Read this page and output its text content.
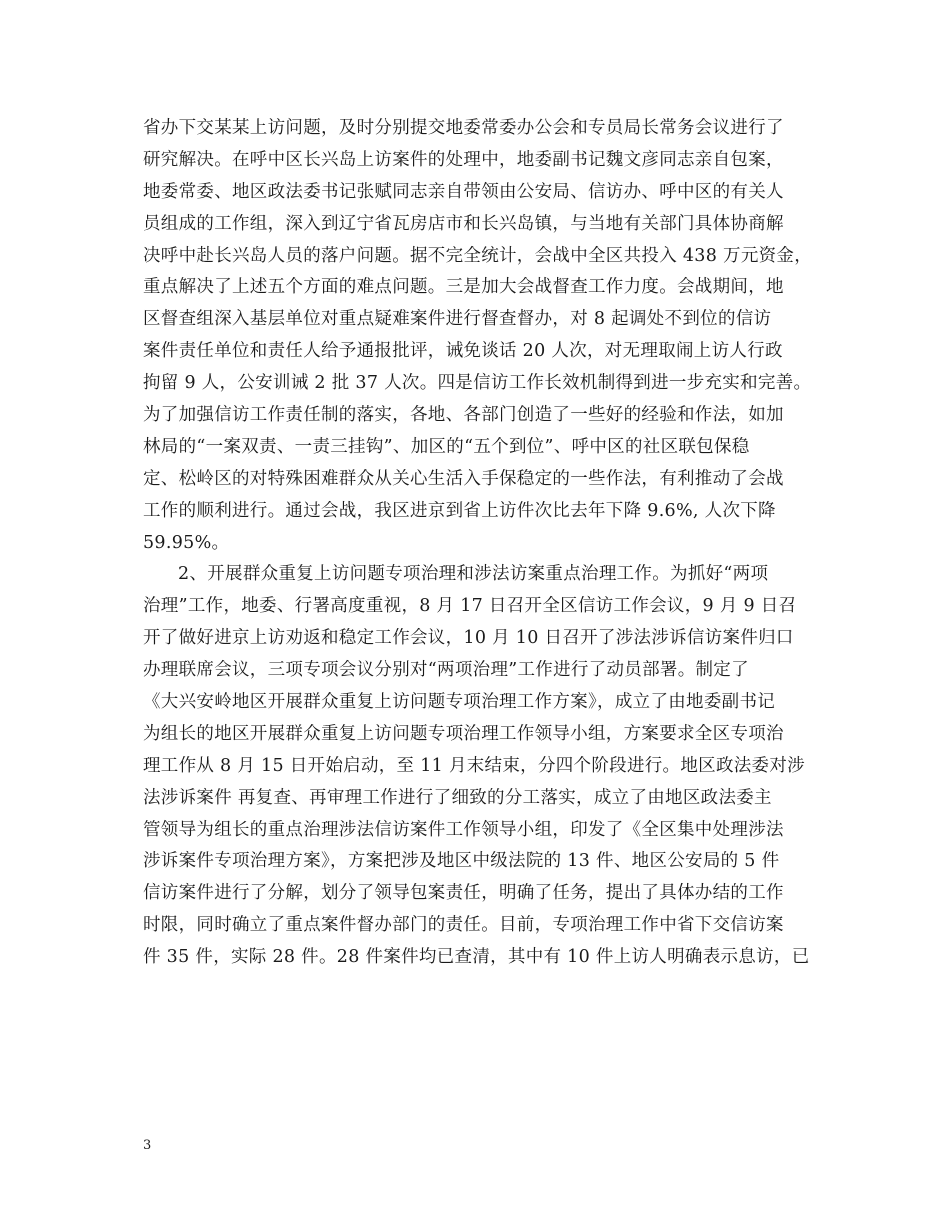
省办下交某某上访问题，及时分别提交地委常委办公会和专员局长常务会议进行了
研究解决。在呼中区长兴岛上访案件的处理中，地委副书记魏文彦同志亲自包案，
地委常委、地区政法委书记张赋同志亲自带领由公安局、信访办、呼中区的有关人
员组成的工作组，深入到辽宁省瓦房店市和长兴岛镇，与当地有关部门具体协商解
决呼中赴长兴岛人员的落户问题。据不完全统计，会战中全区共投入 438 万元资金，
重点解决了上述五个方面的难点问题。三是加大会战督查工作力度。会战期间，地
区督查组深入基层单位对重点疑难案件进行督查督办，对 8 起调处不到位的信访
案件责任单位和责任人给予通报批评，诫免谈话 20 人次，对无理取闹上访人行政
拘留 9 人，公安训诫 2 批 37 人次。四是信访工作长效机制得到进一步充实和完善。
为了加强信访工作责任制的落实，各地、各部门创造了一些好的经验和作法，如加
林局的“一案双责、一责三挂钩”、加区的“五个到位”、呼中区的社区联包保稳
定、松岭区的对特殊困难群众从关心生活入手保稳定的一些作法，有利推动了会战
工作的顺利进行。通过会战，我区进京到省上访件次比去年下降 9.6%, 人次下降
59.95%。
2、开展群众重复上访问题专项治理和涉法访案重点治理工作。为抓好“两项
治理”工作，地委、行署高度重视，8 月 17 日召开全区信访工作会议，9 月 9 日召
开了做好进京上访劝返和稳定工作会议，10 月 10 日召开了涉法涉诉信访案件归口
办理联席会议，三项专项会议分别对“两项治理”工作进行了动员部署。制定了
《大兴安岭地区开展群众重复上访问题专项治理工作方案》，成立了由地委副书记
为组长的地区开展群众重复上访问题专项治理工作领导小组，方案要求全区专项治
理工作从 8 月 15 日开始启动，至 11 月末结束，分四个阶段进行。地区政法委对涉
法涉诉案件 再复查、再审理工作进行了细致的分工落实，成立了由地区政法委主
管领导为组长的重点治理涉法信访案件工作领导小组，印发了《全区集中处理涉法
涉诉案件专项治理方案》，方案把涉及地区中级法院的 13 件、地区公安局的 5 件
信访案件进行了分解，划分了领导包案责任，明确了任务，提出了具体办结的工作
时限，同时确立了重点案件督办部门的责任。目前，专项治理工作中省下交信访案
件 35 件，实际 28 件。28 件案件均已查清，其中有 10 件上访人明确表示息访，已
3
